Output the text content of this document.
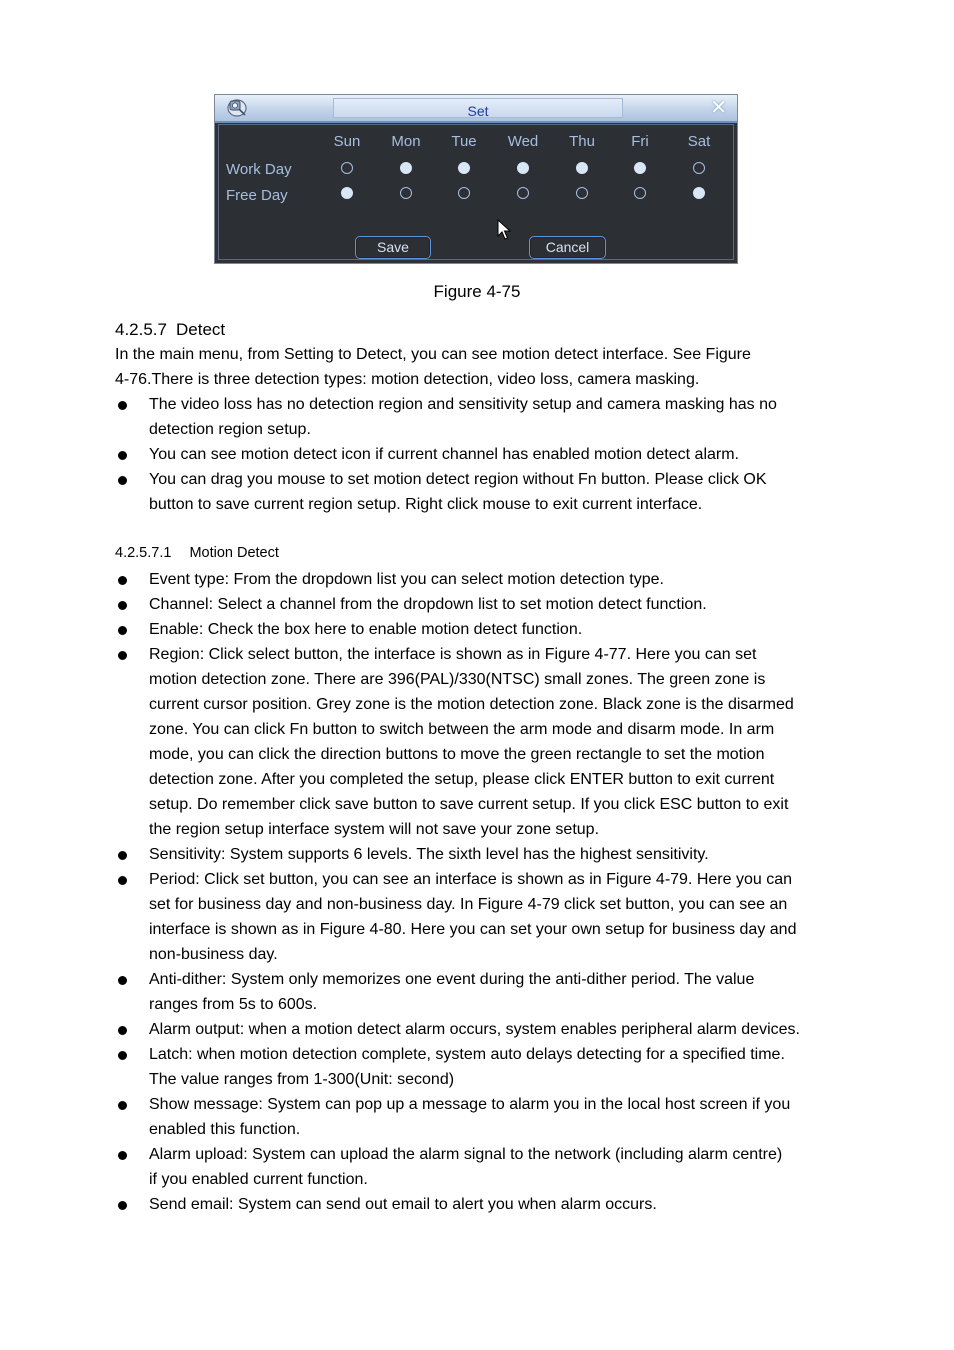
Set	✕
Sun	Mon	Tue	Wed	Thu	Fri	Sat
Work Day
Free Day
Save	Cancel
Figure 4-75
4.2.5.7 Detect
In the main menu, from Setting to Detect, you can see motion detect interface. See Figure
4-76.There is three detection types: motion detection, video loss, camera masking.
The video loss has no detection region and sensitivity setup and camera masking has no
detection region setup.
You can see motion detect icon if current channel has enabled motion detect alarm.
You can drag you mouse to set motion detect region without Fn button. Please click OK
button to save current region setup. Right click mouse to exit current interface.
4.2.5.7.1 Motion Detect
Event type: From the dropdown list you can select motion detection type.
Channel: Select a channel from the dropdown list to set motion detect function.
Enable: Check the box here to enable motion detect function.
Region: Click select button, the interface is shown as in Figure 4-77. Here you can set
motion detection zone. There are 396(PAL)/330(NTSC) small zones. The green zone is
current cursor position. Grey zone is the motion detection zone. Black zone is the disarmed
zone. You can click Fn button to switch between the arm mode and disarm mode. In arm
mode, you can click the direction buttons to move the green rectangle to set the motion
detection zone. After you completed the setup, please click ENTER button to exit current
setup. Do remember click save button to save current setup. If you click ESC button to exit
the region setup interface system will not save your zone setup.
Sensitivity: System supports 6 levels. The sixth level has the highest sensitivity.
Period: Click set button, you can see an interface is shown as in Figure 4-79. Here you can
set for business day and non-business day. In Figure 4-79 click set button, you can see an
interface is shown as in Figure 4-80. Here you can set your own setup for business day and
non-business day.
Anti-dither: System only memorizes one event during the anti-dither period. The value
ranges from 5s to 600s.
Alarm output: when a motion detect alarm occurs, system enables peripheral alarm devices.
Latch: when motion detection complete, system auto delays detecting for a specified time.
The value ranges from 1-300(Unit: second)
Show message: System can pop up a message to alarm you in the local host screen if you
enabled this function.
Alarm upload: System can upload the alarm signal to the network (including alarm centre)
if you enabled current function.
Send email: System can send out email to alert you when alarm occurs.
